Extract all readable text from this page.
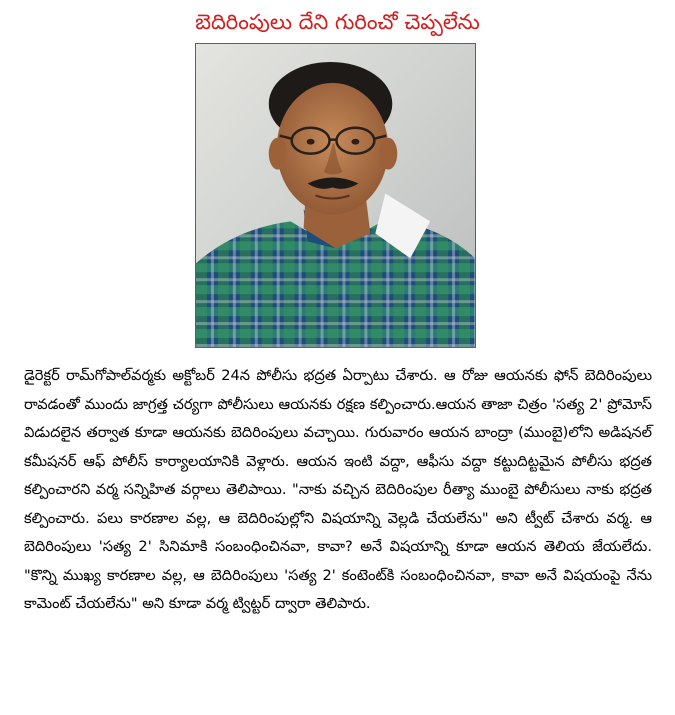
బెదిరింపులు దేని గురించో చెప్పలేను

డైరెక్టర్ రామ్‌గోపాల్‌వర్మకు అక్టోబర్ 24న పోలీసు భద్రత ఏర్పాటు చేశారు. ఆ రోజు ఆయనకు ఫోన్ బెదిరింపులు రావడంతో ముందు జాగ్రత్త చర్యగా పోలీసులు ఆయనకు రక్షణ కల్పించారు.ఆయన తాజా చిత్రం 'సత్య 2' ప్రోమోస్ విడుదలైన తర్వాత కూడా ఆయనకు బెదిరింపులు వచ్చాయి. గురువారం ఆయన బాంద్రా (ముంబై)లోని అడిషనల్ కమీషనర్ ఆఫ్ పోలీస్ కార్యాలయానికి వెళ్లారు. ఆయన ఇంటి వద్దా, ఆఫీసు వద్దా కట్టుదిట్టమైన పోలీసు భద్రత కల్పించారని వర్మ సన్నిహిత వర్గాలు తెలిపాయి. "నాకు వచ్చిన బెదిరింపుల రీత్యా ముంబై పోలీసులు నాకు భద్రత కల్పించారు. పలు కారణాల వల్ల, ఆ బెదిరింపుల్లోని విషయాన్ని వెల్లడి చేయలేను" అని ట్వీట్ చేశారు వర్మ. ఆ బెదిరింపులు 'సత్య 2' సినిమాకి సంబంధించినవా, కావా? అనే విషయాన్ని కూడా ఆయన తెలియ జేయలేదు. "కొన్ని ముఖ్య కారణాల వల్ల, ఆ బెదిరింపులు 'సత్య 2' కంటెంట్‌కి సంబంధించినవా, కావా అనే విషయంపై నేను కామెంట్ చేయలేను" అని కూడా వర్మ ట్విట్టర్ ద్వారా తెలిపారు.
